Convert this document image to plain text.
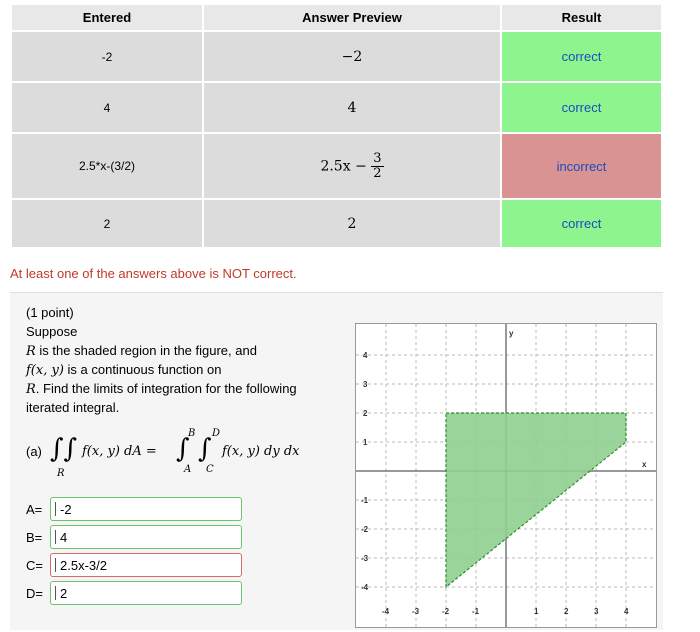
Entered	Answer Preview	Result
-2	−2	correct
4	4	correct
2.5*x-(3/2)	$2.5x - \frac{3}{2}$	incorrect
2	2	correct
At least one of the answers above is NOT correct.
(1 point)
Suppose
R is the shaded region in the figure, and
f(x, y) is a continuous function on
R. Find the limits of integration for the following
iterated integral.
(a) ∫∫
R
f(x, y) dA = ∫
B
A
∫
D
C
f(x, y) dy dx
A=	-2
B=	4
C=	2.5x-3/2
D=	2
-4	-3	-2	-1	1	2	3	4
4
3
2
1
-1
-2
-3
-4
y
x
